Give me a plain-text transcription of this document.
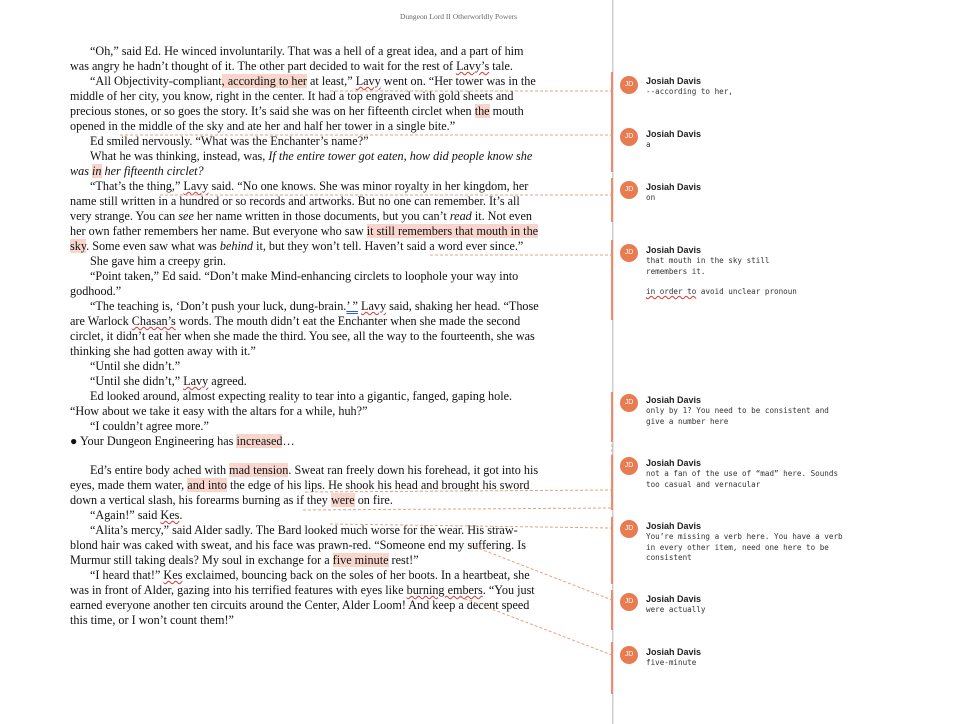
Dungeon Lord II Otherworldly Powers

“Oh,” said Ed. He winced involuntarily. That was a hell of a great idea, and a part of him was angry he hadn’t thought of it. The other part decided to wait for the rest of Lavy’s tale.

“All Objectivity-compliant, according to her at least,” Lavy went on. “Her tower was in the middle of her city, you know, right in the center. It had a top engraved with gold sheets and precious stones, or so goes the story. It’s said she was on her fifteenth circlet when the mouth opened in the middle of the sky and ate her and half her tower in a single bite.”

Ed smiled nervously. “What was the Enchanter’s name?”

What he was thinking, instead, was, If the entire tower got eaten, how did people know she was in her fifteenth circlet?

“That’s the thing,” Lavy said. “No one knows. She was minor royalty in her kingdom, her name still written in a hundred or so records and artworks. But no one can remember. It’s all very strange. You can see her name written in those documents, but you can’t read it. Not even her own father remembers her name. But everyone who saw it still remembers that mouth in the sky. Some even saw what was behind it, but they won’t tell. Haven’t said a word ever since.”

She gave him a creepy grin.

“Point taken,” Ed said. “Don’t make Mind-enhancing circlets to loophole your way into godhood.”

“The teaching is, ‘Don’t push your luck, dung-brain.’ ” Lavy said, shaking her head. “Those are Warlock Chasan’s words. The mouth didn’t eat the Enchanter when she made the second circlet, it didn’t eat her when she made the third. You see, all the way to the fourteenth, she was thinking she had gotten away with it.”

“Until she didn’t.”

“Until she didn’t,” Lavy agreed.

Ed looked around, almost expecting reality to tear into a gigantic, fanged, gaping hole. “How about we take it easy with the altars for a while, huh?”

“I couldn’t agree more.”

● Your Dungeon Engineering has increased…

Ed’s entire body ached with mad tension. Sweat ran freely down his forehead, it got into his eyes, made them water, and into the edge of his lips. He shook his head and brought his sword down a vertical slash, his forearms burning as if they were on fire.

“Again!” said Kes.

“Alita’s mercy,” said Alder sadly. The Bard looked much worse for the wear. His straw-blond hair was caked with sweat, and his face was prawn-red. “Someone end my suffering. Is Murmur still taking deals? My soul in exchange for a five minute rest!”

“I heard that!” Kes exclaimed, bouncing back on the soles of her boots. In a heartbeat, she was in front of Alder, gazing into his terrified features with eyes like burning embers. “You just earned everyone another ten circuits around the Center, Alder Loom! And keep a decent speed this time, or I won’t count them!”

JD	Josiah Davis
--according to her,
JD	Josiah Davis
a
JD	Josiah Davis
on
JD	Josiah Davis
that mouth in the sky still remembers it.
in order to avoid unclear pronoun
JD	Josiah Davis
only by 1? You need to be consistent and give a number here
JD	Josiah Davis
not a fan of the use of “mad” here. Sounds too casual and vernacular
JD	Josiah Davis
You’re missing a verb here. You have a verb in every other item, need one here to be consistent
JD	Josiah Davis
were actually
JD	Josiah Davis
five-minute
